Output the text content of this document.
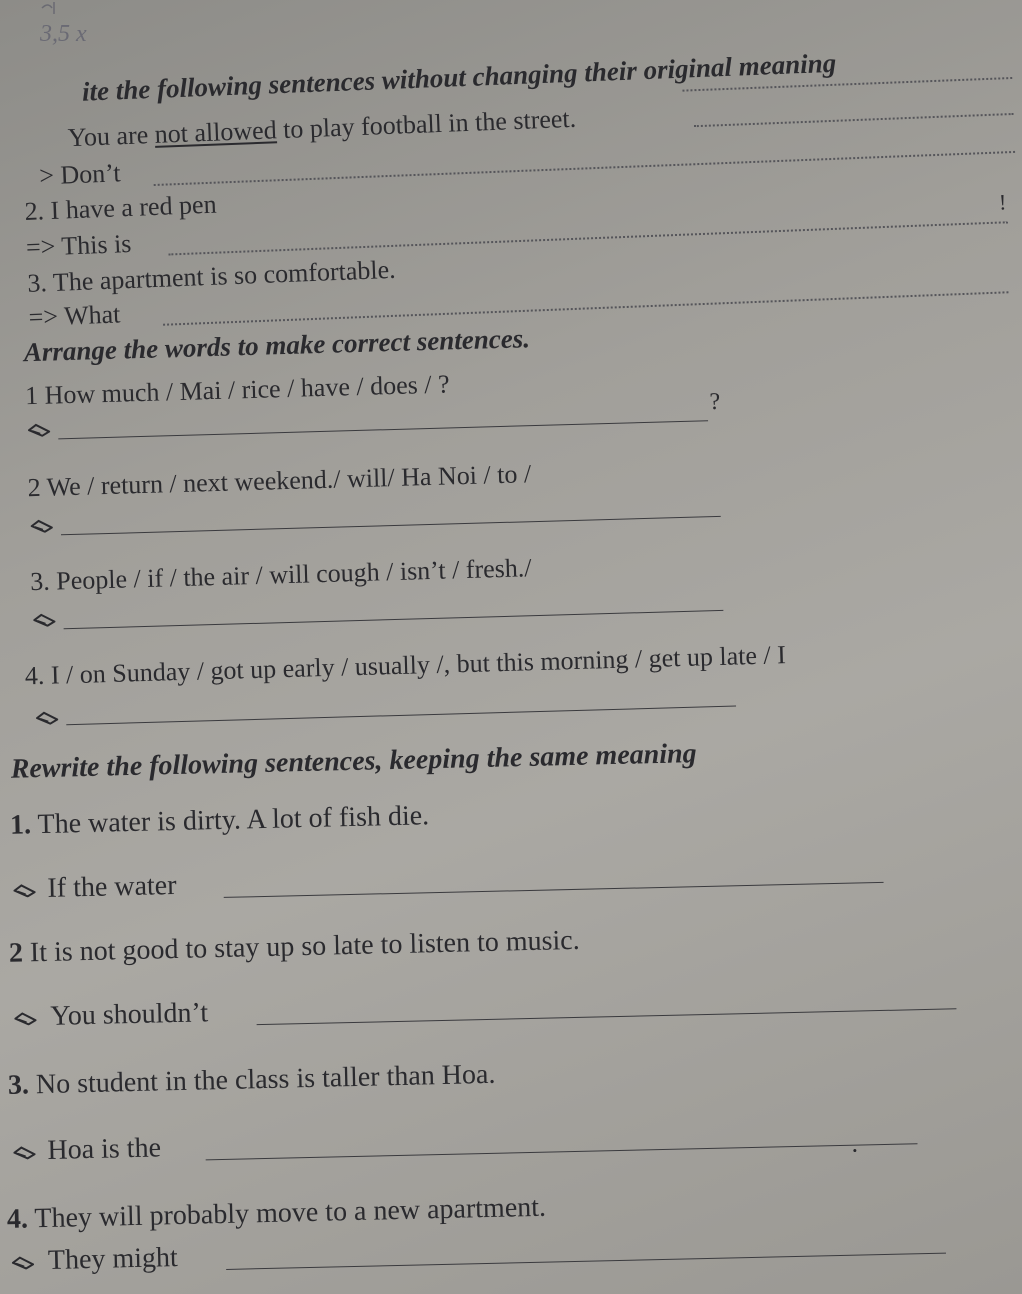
3,5 x
ite the following sentences without changing their original meaning
You are not allowed to play football in the street.
> Don’t
2. I have a red pen
=> This is
!
3. The apartment is so comfortable.
=> What
Arrange the words to make correct sentences.
1 How much / Mai / rice / have / does / ?	?
2 We / return / next weekend./ will/ Ha Noi / to /
3. People / if / the air / will cough / isn’t / fresh./
4. I / on Sunday / got up early / usually /, but this morning / get up late / I
Rewrite the following sentences, keeping the same meaning
1. The water is dirty. A lot of fish die.
If the water
2 It is not good to stay up so late to listen to music.
You shouldn’t
3. No student in the class is taller than Hoa.
Hoa is the	.
4. They will probably move to a new apartment.
They might
